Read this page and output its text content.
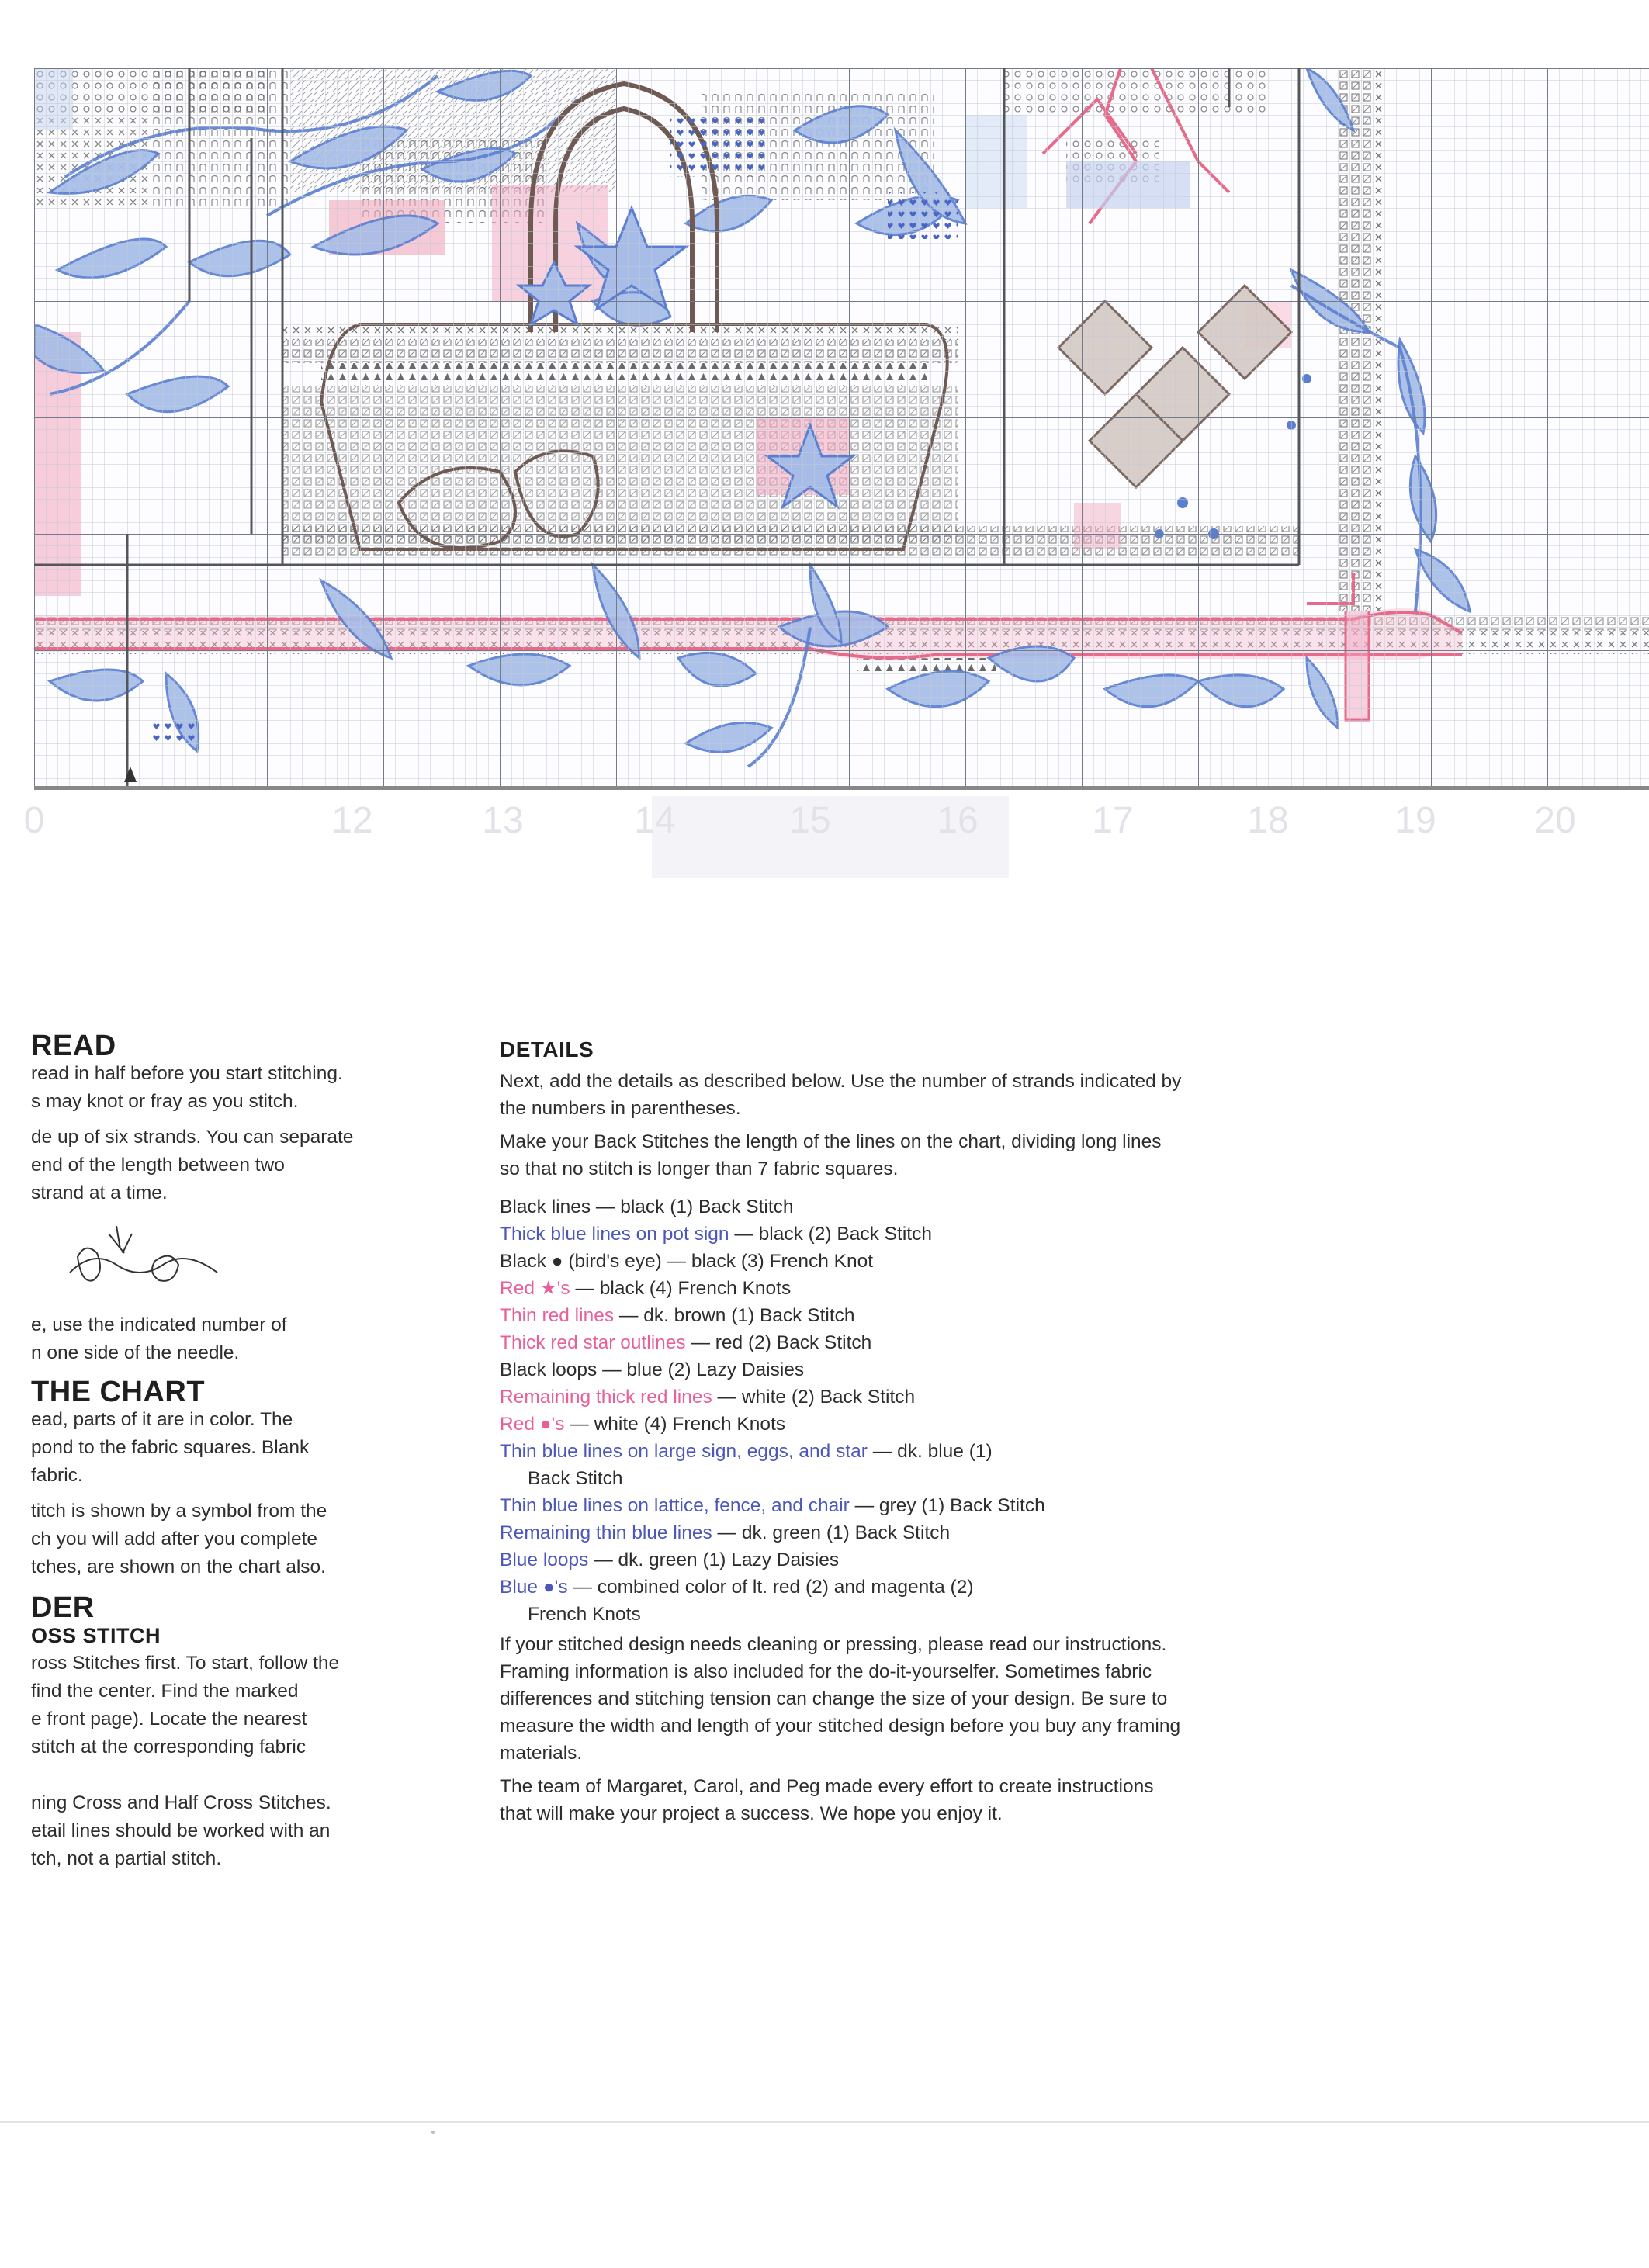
0	12	13	14	15	16	17	18	19	20
READ
read in half before you start stitching.
s may knot or fray as you stitch.
de up of six strands. You can separate
end of the length between two
strand at a time.
e, use the indicated number of
n one side of the needle.
THE CHART
ead, parts of it are in color. The
pond to the fabric squares. Blank
fabric.
titch is shown by a symbol from the
ch you will add after you complete
tches, are shown on the chart also.
DER
OSS STITCH
ross Stitches first. To start, follow the
find the center. Find the marked
e front page). Locate the nearest
stitch at the corresponding fabric
ning Cross and Half Cross Stitches.
etail lines should be worked with an
tch, not a partial stitch.
DETAILS

Next, add the details as described below. Use the number of strands indicated by the numbers in parentheses.

Make your Back Stitches the length of the lines on the chart, dividing long lines so that no stitch is longer than 7 fabric squares.

Black lines — black (1) Back Stitch
Thick blue lines on pot sign — black (2) Back Stitch
Black ● (bird's eye) — black (3) French Knot
Red ★'s — black (4) French Knots
Thin red lines — dk. brown (1) Back Stitch
Thick red star outlines — red (2) Back Stitch
Black loops — blue (2) Lazy Daisies
Remaining thick red lines — white (2) Back Stitch
Red ●'s — white (4) French Knots
Thin blue lines on large sign, eggs, and star — dk. blue (1)
Back Stitch
Thin blue lines on lattice, fence, and chair — grey (1) Back Stitch
Remaining thin blue lines — dk. green (1) Back Stitch
Blue loops — dk. green (1) Lazy Daisies
Blue ●'s — combined color of lt. red (2) and magenta (2)
French Knots

If your stitched design needs cleaning or pressing, please read our instructions. Framing information is also included for the do-it-yourselfer. Sometimes fabric differences and stitching tension can change the size of your design. Be sure to measure the width and length of your stitched design before you buy any framing materials.

The team of Margaret, Carol, and Peg made every effort to create instructions that will make your project a success. We hope you enjoy it.
